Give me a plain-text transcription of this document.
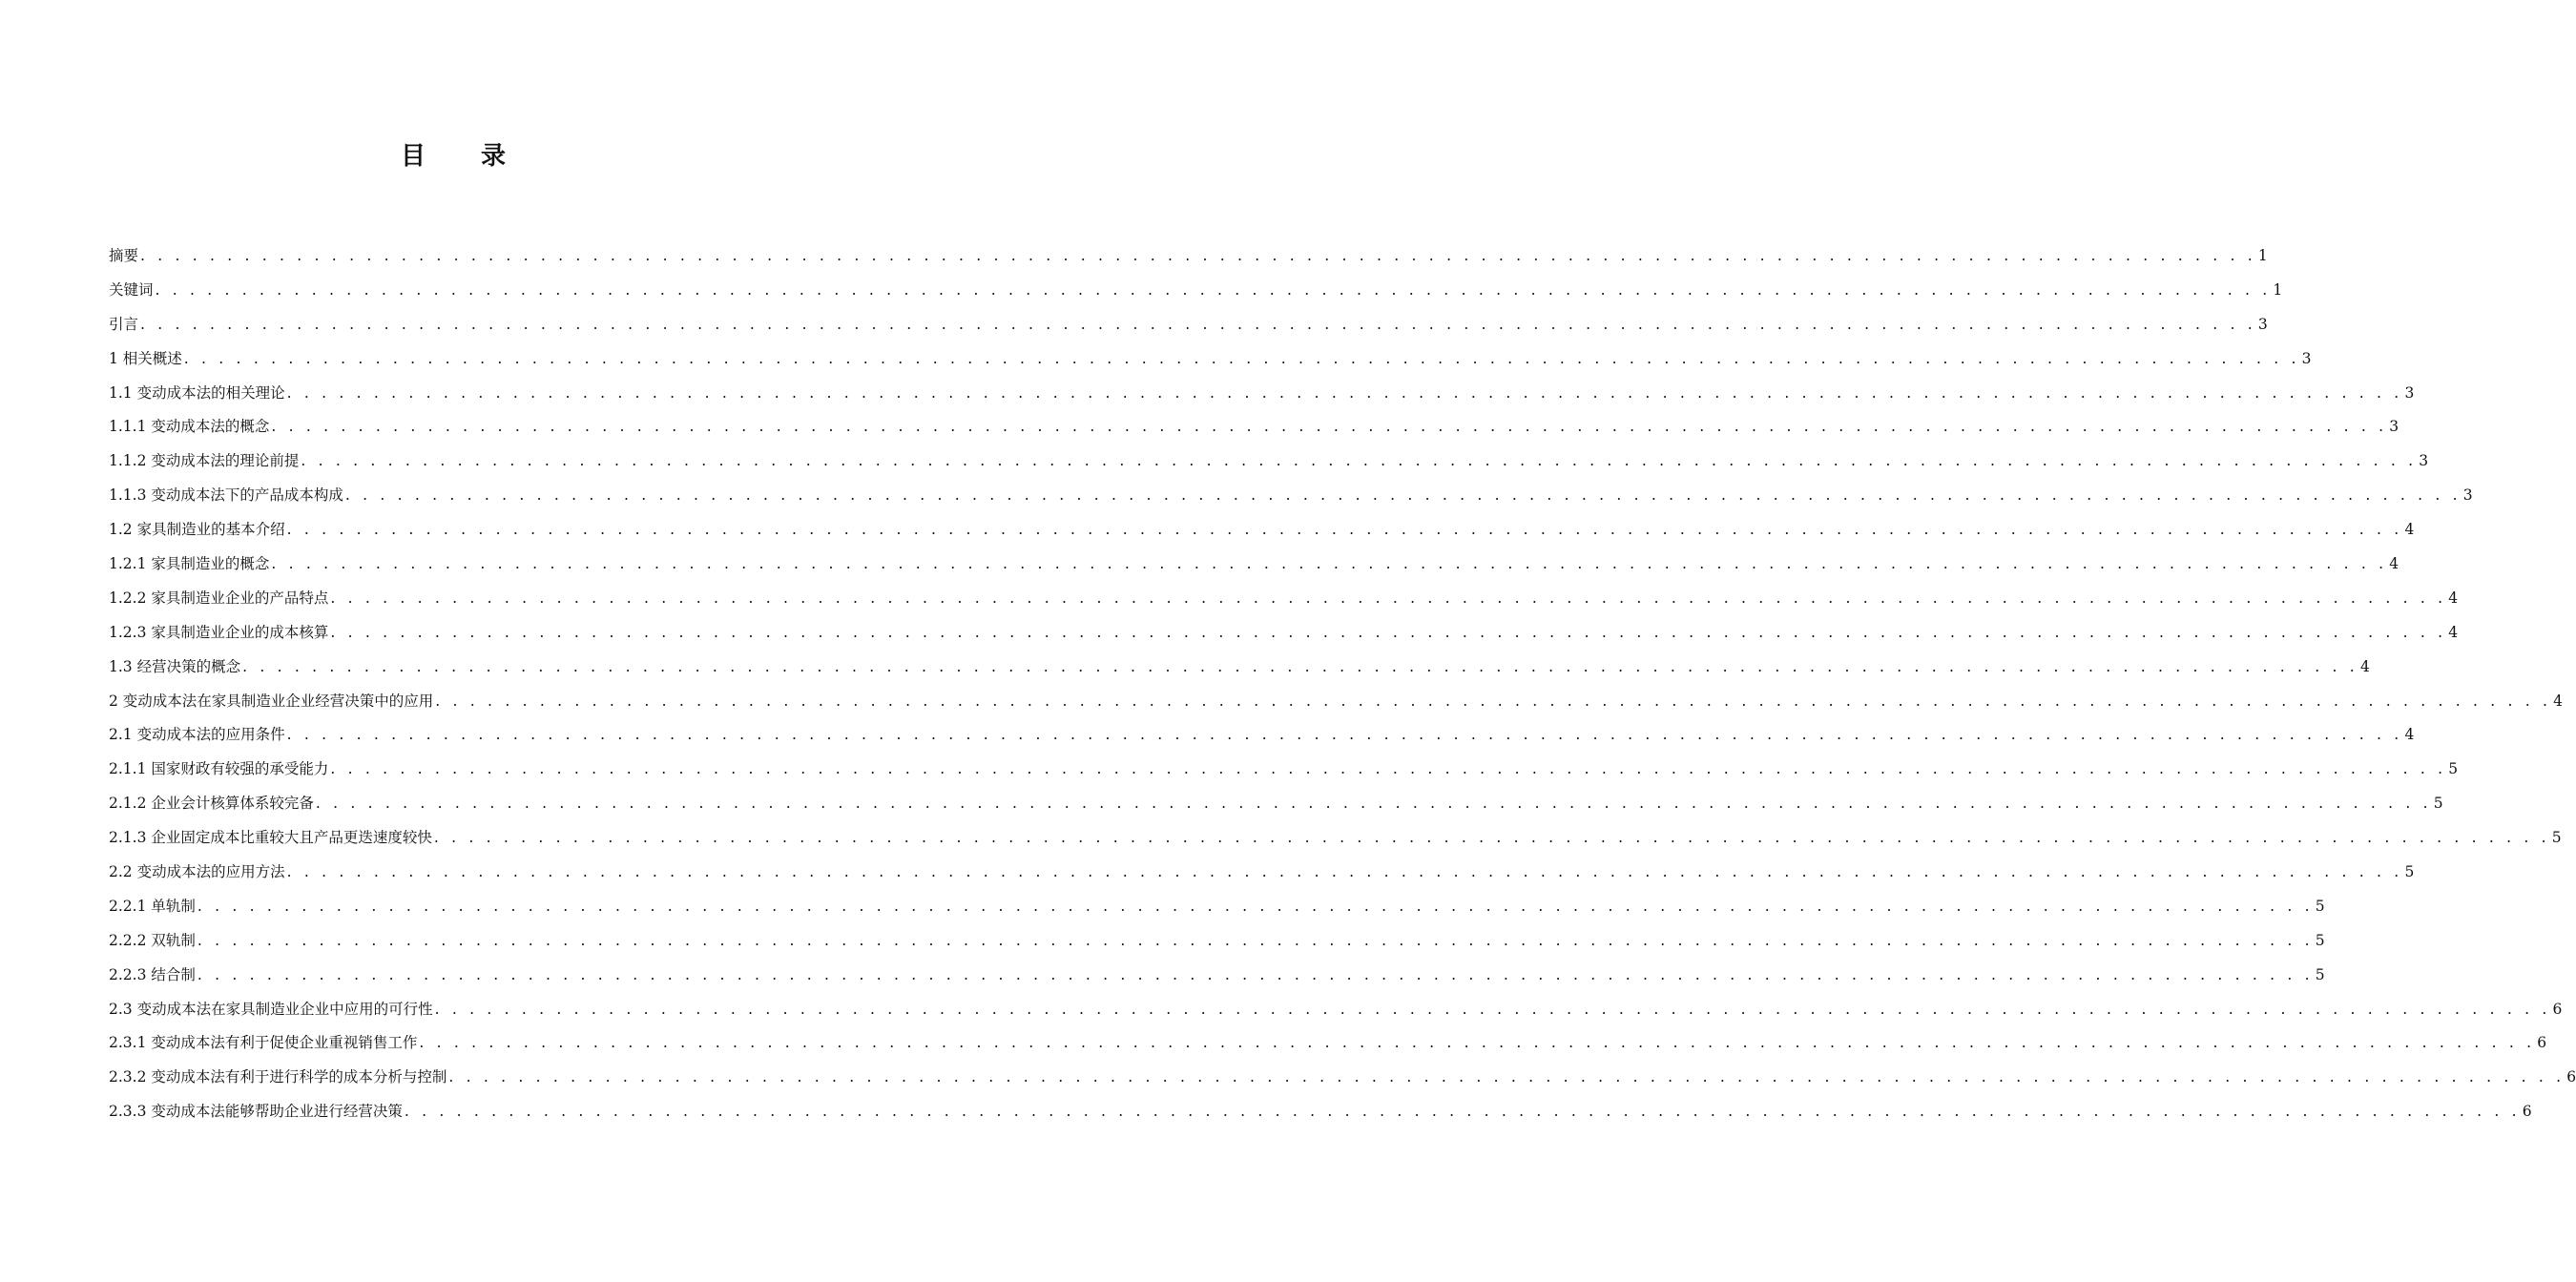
目录
摘要 . . . . . . . . . . . . . . . . . . . . . . . . . . . . . . . . . . . . . . . . . . . . . . . . . . . . . . . . . . . . . . . . . . . . . . . . . . . . . . . . . . . . . . . . . . . . . . . . . . . . . . . . . . . . . . . . . . . . . . . . . . 1
关键词 . . . . . . . . . . . . . . . . . . . . . . . . . . . . . . . . . . . . . . . . . . . . . . . . . . . . . . . . . . . . . . . . . . . . . . . . . . . . . . . . . . . . . . . . . . . . . . . . . . . . . . . . . . . . . . . . . . . . . . . . . . 1
引言 . . . . . . . . . . . . . . . . . . . . . . . . . . . . . . . . . . . . . . . . . . . . . . . . . . . . . . . . . . . . . . . . . . . . . . . . . . . . . . . . . . . . . . . . . . . . . . . . . . . . . . . . . . . . . . . . . . . . . . . . . . 3
1 相关概述 . . . . . . . . . . . . . . . . . . . . . . . . . . . . . . . . . . . . . . . . . . . . . . . . . . . . . . . . . . . . . . . . . . . . . . . . . . . . . . . . . . . . . . . . . . . . . . . . . . . . . . . . . . . . . . . . . . . . . . . . . . 3
1.1 变动成本法的相关理论 . . . . . . . . . . . . . . . . . . . . . . . . . . . . . . . . . . . . . . . . . . . . . . . . . . . . . . . . . . . . . . . . . . . . . . . . . . . . . . . . . . . . . . . . . . . . . . . . . . . . . . . . . . . . . . . . . . . . . . . . . . 3
1.1.1 变动成本法的概念 . . . . . . . . . . . . . . . . . . . . . . . . . . . . . . . . . . . . . . . . . . . . . . . . . . . . . . . . . . . . . . . . . . . . . . . . . . . . . . . . . . . . . . . . . . . . . . . . . . . . . . . . . . . . . . . . . . . . . . . . . . 3
1.1.2 变动成本法的理论前提 . . . . . . . . . . . . . . . . . . . . . . . . . . . . . . . . . . . . . . . . . . . . . . . . . . . . . . . . . . . . . . . . . . . . . . . . . . . . . . . . . . . . . . . . . . . . . . . . . . . . . . . . . . . . . . . . . . . . . . . . . . 3
1.1.3 变动成本法下的产品成本构成 . . . . . . . . . . . . . . . . . . . . . . . . . . . . . . . . . . . . . . . . . . . . . . . . . . . . . . . . . . . . . . . . . . . . . . . . . . . . . . . . . . . . . . . . . . . . . . . . . . . . . . . . . . . . . . . . . . . . . . . . . . 3
1.2 家具制造业的基本介绍 . . . . . . . . . . . . . . . . . . . . . . . . . . . . . . . . . . . . . . . . . . . . . . . . . . . . . . . . . . . . . . . . . . . . . . . . . . . . . . . . . . . . . . . . . . . . . . . . . . . . . . . . . . . . . . . . . . . . . . . . . . 4
1.2.1 家具制造业的概念 . . . . . . . . . . . . . . . . . . . . . . . . . . . . . . . . . . . . . . . . . . . . . . . . . . . . . . . . . . . . . . . . . . . . . . . . . . . . . . . . . . . . . . . . . . . . . . . . . . . . . . . . . . . . . . . . . . . . . . . . . . 4
1.2.2 家具制造业企业的产品特点 . . . . . . . . . . . . . . . . . . . . . . . . . . . . . . . . . . . . . . . . . . . . . . . . . . . . . . . . . . . . . . . . . . . . . . . . . . . . . . . . . . . . . . . . . . . . . . . . . . . . . . . . . . . . . . . . . . . . . . . . . . 4
1.2.3 家具制造业企业的成本核算 . . . . . . . . . . . . . . . . . . . . . . . . . . . . . . . . . . . . . . . . . . . . . . . . . . . . . . . . . . . . . . . . . . . . . . . . . . . . . . . . . . . . . . . . . . . . . . . . . . . . . . . . . . . . . . . . . . . . . . . . . . 4
1.3 经营决策的概念 . . . . . . . . . . . . . . . . . . . . . . . . . . . . . . . . . . . . . . . . . . . . . . . . . . . . . . . . . . . . . . . . . . . . . . . . . . . . . . . . . . . . . . . . . . . . . . . . . . . . . . . . . . . . . . . . . . . . . . . . . . 4
2 变动成本法在家具制造业企业经营决策中的应用 . . . . . . . . . . . . . . . . . . . . . . . . . . . . . . . . . . . . . . . . . . . . . . . . . . . . . . . . . . . . . . . . . . . . . . . . . . . . . . . . . . . . . . . . . . . . . . . . . . . . . . . . . . . . . . . . . . . . . . . . . . 4
2.1 变动成本法的应用条件 . . . . . . . . . . . . . . . . . . . . . . . . . . . . . . . . . . . . . . . . . . . . . . . . . . . . . . . . . . . . . . . . . . . . . . . . . . . . . . . . . . . . . . . . . . . . . . . . . . . . . . . . . . . . . . . . . . . . . . . . . . 4
2.1.1 国家财政有较强的承受能力 . . . . . . . . . . . . . . . . . . . . . . . . . . . . . . . . . . . . . . . . . . . . . . . . . . . . . . . . . . . . . . . . . . . . . . . . . . . . . . . . . . . . . . . . . . . . . . . . . . . . . . . . . . . . . . . . . . . . . . . . . . 5
2.1.2 企业会计核算体系较完备 . . . . . . . . . . . . . . . . . . . . . . . . . . . . . . . . . . . . . . . . . . . . . . . . . . . . . . . . . . . . . . . . . . . . . . . . . . . . . . . . . . . . . . . . . . . . . . . . . . . . . . . . . . . . . . . . . . . . . . . . . . 5
2.1.3 企业固定成本比重较大且产品更迭速度较快 . . . . . . . . . . . . . . . . . . . . . . . . . . . . . . . . . . . . . . . . . . . . . . . . . . . . . . . . . . . . . . . . . . . . . . . . . . . . . . . . . . . . . . . . . . . . . . . . . . . . . . . . . . . . . . . . . . . . . . . . . . 5
2.2 变动成本法的应用方法 . . . . . . . . . . . . . . . . . . . . . . . . . . . . . . . . . . . . . . . . . . . . . . . . . . . . . . . . . . . . . . . . . . . . . . . . . . . . . . . . . . . . . . . . . . . . . . . . . . . . . . . . . . . . . . . . . . . . . . . . . . 5
2.2.1 单轨制 . . . . . . . . . . . . . . . . . . . . . . . . . . . . . . . . . . . . . . . . . . . . . . . . . . . . . . . . . . . . . . . . . . . . . . . . . . . . . . . . . . . . . . . . . . . . . . . . . . . . . . . . . . . . . . . . . . . . . . . . . . 5
2.2.2 双轨制 . . . . . . . . . . . . . . . . . . . . . . . . . . . . . . . . . . . . . . . . . . . . . . . . . . . . . . . . . . . . . . . . . . . . . . . . . . . . . . . . . . . . . . . . . . . . . . . . . . . . . . . . . . . . . . . . . . . . . . . . . . 5
2.2.3 结合制 . . . . . . . . . . . . . . . . . . . . . . . . . . . . . . . . . . . . . . . . . . . . . . . . . . . . . . . . . . . . . . . . . . . . . . . . . . . . . . . . . . . . . . . . . . . . . . . . . . . . . . . . . . . . . . . . . . . . . . . . . . 5
2.3 变动成本法在家具制造业企业中应用的可行性 . . . . . . . . . . . . . . . . . . . . . . . . . . . . . . . . . . . . . . . . . . . . . . . . . . . . . . . . . . . . . . . . . . . . . . . . . . . . . . . . . . . . . . . . . . . . . . . . . . . . . . . . . . . . . . . . . . . . . . . . . . 6
2.3.1 变动成本法有利于促使企业重视销售工作 . . . . . . . . . . . . . . . . . . . . . . . . . . . . . . . . . . . . . . . . . . . . . . . . . . . . . . . . . . . . . . . . . . . . . . . . . . . . . . . . . . . . . . . . . . . . . . . . . . . . . . . . . . . . . . . . . . . . . . . . . . 6
2.3.2 变动成本法有利于进行科学的成本分析与控制 . . . . . . . . . . . . . . . . . . . . . . . . . . . . . . . . . . . . . . . . . . . . . . . . . . . . . . . . . . . . . . . . . . . . . . . . . . . . . . . . . . . . . . . . . . . . . . . . . . . . . . . . . . . . . . . . . . . . . . . . . . 6
2.3.3 变动成本法能够帮助企业进行经营决策 . . . . . . . . . . . . . . . . . . . . . . . . . . . . . . . . . . . . . . . . . . . . . . . . . . . . . . . . . . . . . . . . . . . . . . . . . . . . . . . . . . . . . . . . . . . . . . . . . . . . . . . . . . . . . . . . . . . . . . . . . . 6
